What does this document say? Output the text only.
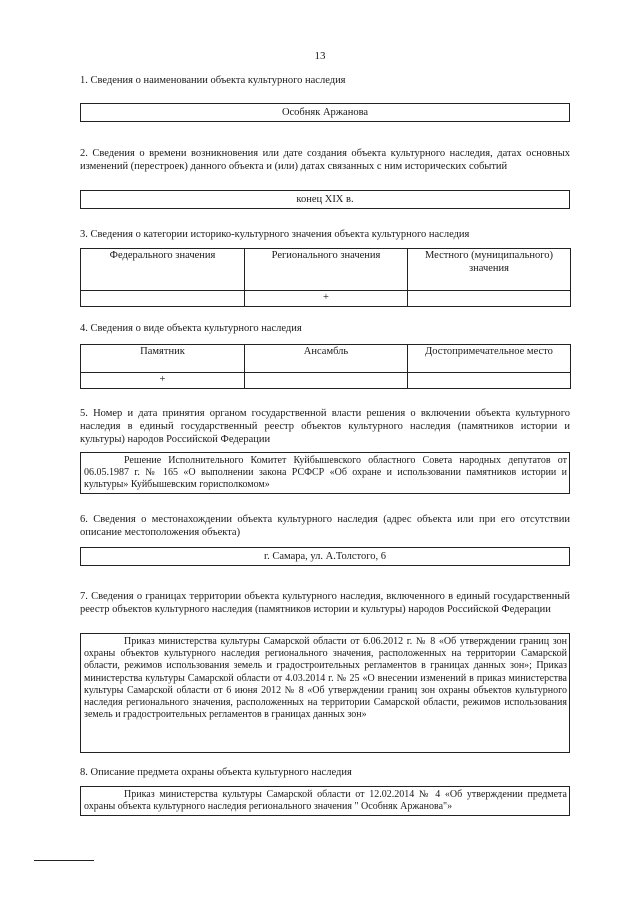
13
1. Сведения о наименовании объекта культурного наследия
Особняк Аржанова
2. Сведения о времени возникновения или дате создания объекта культурного наследия, датах основных изменений (перестроек) данного объекта и (или) датах связанных с ним исторических событий
конец XIX в.
3. Сведения о категории историко-культурного значения объекта культурного наследия
Федерального значения	Регионального значения	Местного (муниципального) значения
	+	
4. Сведения о виде объекта культурного наследия
Памятник	Ансамбль	Достопримечательное место
+		
5. Номер и дата принятия органом государственной власти решения о включении объекта культурного наследия в единый государственный реестр объектов культурного наследия (памятников истории и культуры) народов Российской Федерации
Решение Исполнительного Комитет Куйбышевского областного Совета народных депутатов от 06.05.1987 г. № 165 «О выполнении закона РСФСР «Об охране и использовании памятников истории и культуры» Куйбышевским горисполкомом»
6. Сведения о местонахождении объекта культурного наследия (адрес объекта или при его отсутствии описание местоположения объекта)
г. Самара, ул. А.Толстого, 6
7. Сведения о границах территории объекта культурного наследия, включенного в единый государственный реестр объектов культурного наследия (памятников истории и культуры) народов Российской Федерации
Приказ министерства культуры Самарской области от 6.06.2012 г. № 8 «Об утверждении границ зон охраны объектов культурного наследия регионального значения, расположенных на территории Самарской области, режимов использования земель и градостроительных регламентов в границах данных зон»; Приказ министерства культуры Самарской области от 4.03.2014 г. № 25 «О внесении изменений в приказ министерства культуры Самарской области от 6 июня 2012 № 8 «Об утверждении границ зон охраны объектов культурного наследия регионального значения, расположенных на территории Самарской области, режимов использования земель и градостроительных регламентов в границах данных зон»
8. Описание предмета охраны объекта культурного наследия
Приказ министерства культуры Самарской области от 12.02.2014 № 4 «Об утверждении предмета охраны объекта культурного наследия регионального значения " Особняк Аржанова"»
